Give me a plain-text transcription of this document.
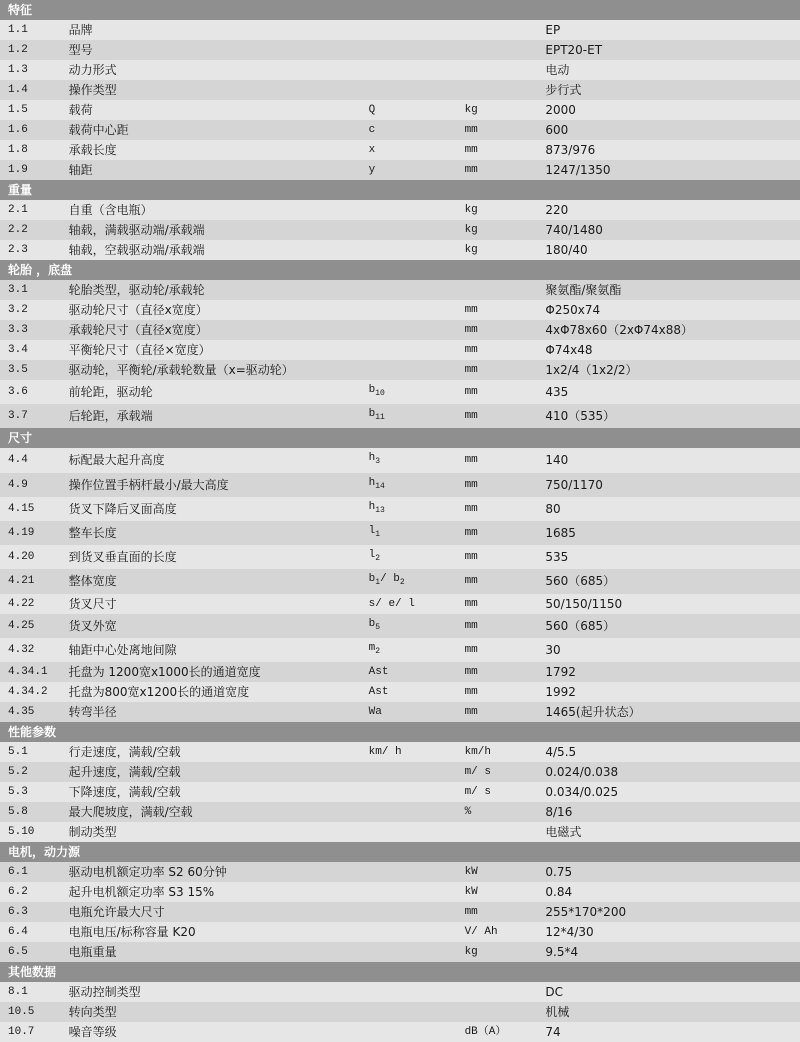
特征				
1.1	品牌			EP
1.2	型号			EPT20-ET
1.3	动力形式			电动
1.4	操作类型			步行式
1.5	载荷	Q	kg	2000
1.6	载荷中心距	c	mm	600
1.8	承载长度	x	mm	873/976
1.9	轴距	y	mm	1247/1350
重量				
2.1	自重（含电瓶）		kg	220
2.2	轴载，满载驱动端/承载端		kg	740/1480
2.3	轴载，空载驱动端/承载端		kg	180/40
轮胎 ，底盘				
3.1	轮胎类型，驱动轮/承载轮			聚氨酯/聚氨酯
3.2	驱动轮尺寸（直径x宽度）		mm	Φ250x74
3.3	承载轮尺寸（直径x宽度）		mm	4xΦ78x60（2xΦ74x88）
3.4	平衡轮尺寸（直径×宽度）		mm	Φ74x48
3.5	驱动轮，平衡轮/承载轮数量（x=驱动轮）		mm	1x2/4（1x2/2）
3.6	前轮距，驱动轮	$b_{10}$	mm	435
3.7	后轮距，承载端	$b_{11}$	mm	410（535）
尺寸				
4.4	标配最大起升高度	$h_3$	mm	140
4.9	操作位置手柄杆最小/最大高度	$h_{14}$	mm	750/1170
4.15	货叉下降后叉面高度	$h_{13}$	mm	80
4.19	整车长度	$l_1$	mm	1685
4.20	到货叉垂直面的长度	$l_2$	mm	535
4.21	整体宽度	$b_1/$ $b_2$	mm	560（685）
4.22	货叉尺寸	s/ e/ l	mm	50/150/1150
4.25	货叉外宽	$b_5$	mm	560（685）
4.32	轴距中心处离地间隙	$m_2$	mm	30
4.34.1	托盘为 1200宽x1000长的通道宽度	Ast	mm	1792
4.34.2	托盘为800宽x1200长的通道宽度	Ast	mm	1992
4.35	转弯半径	Wa	mm	1465(起升状态）
性能参数				
5.1	行走速度，满载/空载	km/ h	km/h	4/5.5
5.2	起升速度，满载/空载		m/ s	0.024/0.038
5.3	下降速度，满载/空载		m/ s	0.034/0.025
5.8	最大爬坡度，满载/空载		%	8/16
5.10	制动类型			电磁式
电机，动力源				
6.1	驱动电机额定功率 S2 60分钟		kW	0.75
6.2	起升电机额定功率 S3 15%		kW	0.84
6.3	电瓶允许最大尺寸		mm	255*170*200
6.4	电瓶电压/标称容量 K20		V/ Ah	12*4/30
6.5	电瓶重量		kg	9.5*4
其他数据				
8.1	驱动控制类型			DC
10.5	转向类型			机械
10.7	噪音等级		dB（A）	74
